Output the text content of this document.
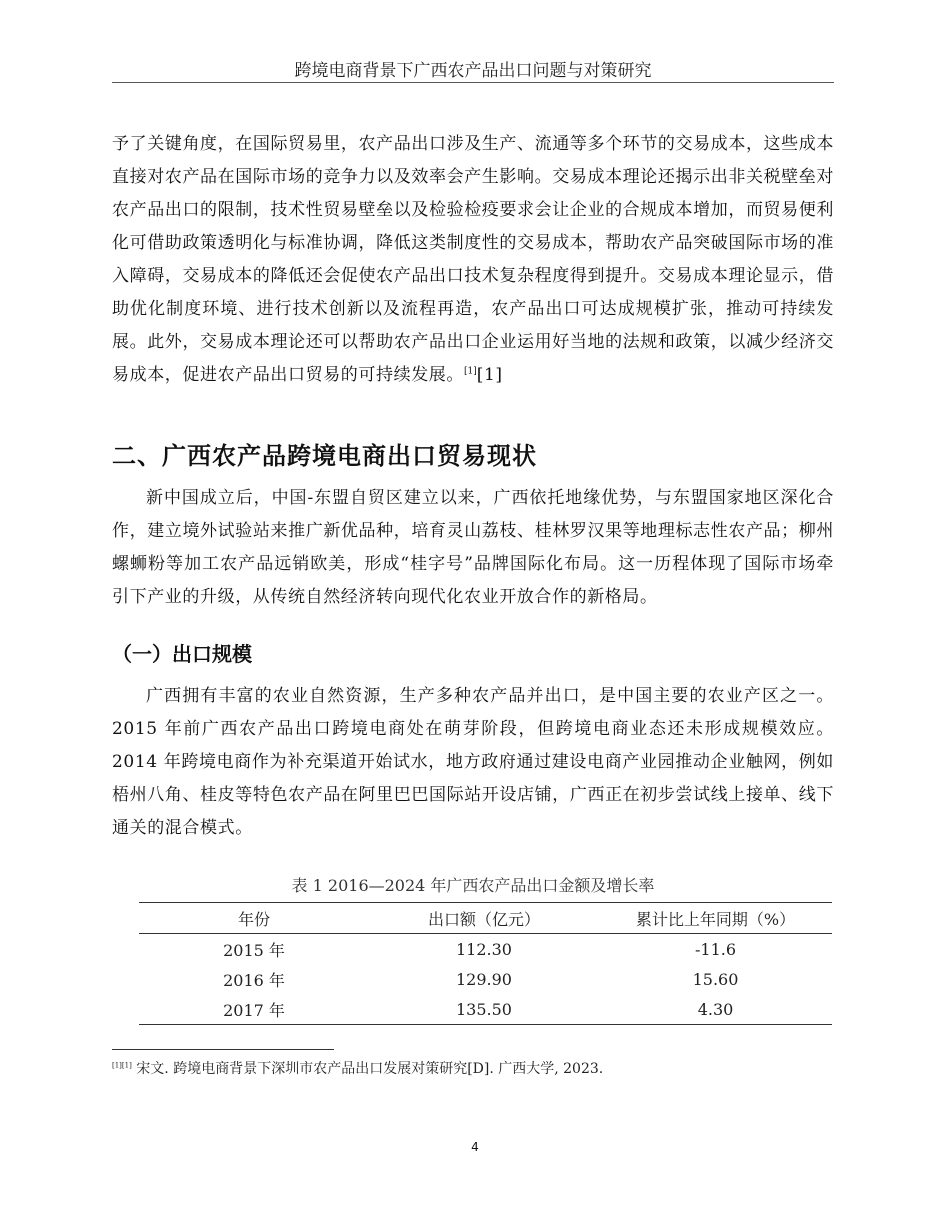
跨境电商背景下广西农产品出口问题与对策研究

予了关键角度，在国际贸易里，农产品出口涉及生产、流通等多个环节的交易成本，这些成本直接对农产品在国际市场的竞争力以及效率会产生影响。交易成本理论还揭示出非关税壁垒对农产品出口的限制，技术性贸易壁垒以及检验检疫要求会让企业的合规成本增加，而贸易便利化可借助政策透明化与标准协调，降低这类制度性的交易成本，帮助农产品突破国际市场的准入障碍，交易成本的降低还会促使农产品出口技术复杂程度得到提升。交易成本理论显示，借助优化制度环境、进行技术创新以及流程再造，农产品出口可达成规模扩张，推动可持续发展。此外，交易成本理论还可以帮助农产品出口企业运用好当地的法规和政策，以减少经济交易成本，促进农产品出口贸易的可持续发展。[1][1]

二、广西农产品跨境电商出口贸易现状

新中国成立后，中国-东盟自贸区建立以来，广西依托地缘优势，与东盟国家地区深化合作，建立境外试验站来推广新优品种，培育灵山荔枝、桂林罗汉果等地理标志性农产品；柳州螺蛳粉等加工农产品远销欧美，形成“桂字号”品牌国际化布局。这一历程体现了国际市场牵引下产业的升级，从传统自然经济转向现代化农业开放合作的新格局。

（一）出口规模

广西拥有丰富的农业自然资源，生产多种农产品并出口，是中国主要的农业产区之一。2015 年前广西农产品出口跨境电商处在萌芽阶段，但跨境电商业态还未形成规模效应。2014 年跨境电商作为补充渠道开始试水，地方政府通过建设电商产业园推动企业触网，例如梧州八角、桂皮等特色农产品在阿里巴巴国际站开设店铺，广西正在初步尝试线上接单、线下通关的混合模式。

表 1 2016—2024 年广西农产品出口金额及增长率
年份	出口额（亿元）	累计比上年同期（%）
2015 年	112.30	-11.6
2016 年	129.90	15.60
2017 年	135.50	4.30
[1][1] 宋文. 跨境电商背景下深圳市农产品出口发展对策研究[D]. 广西大学, 2023.
4
